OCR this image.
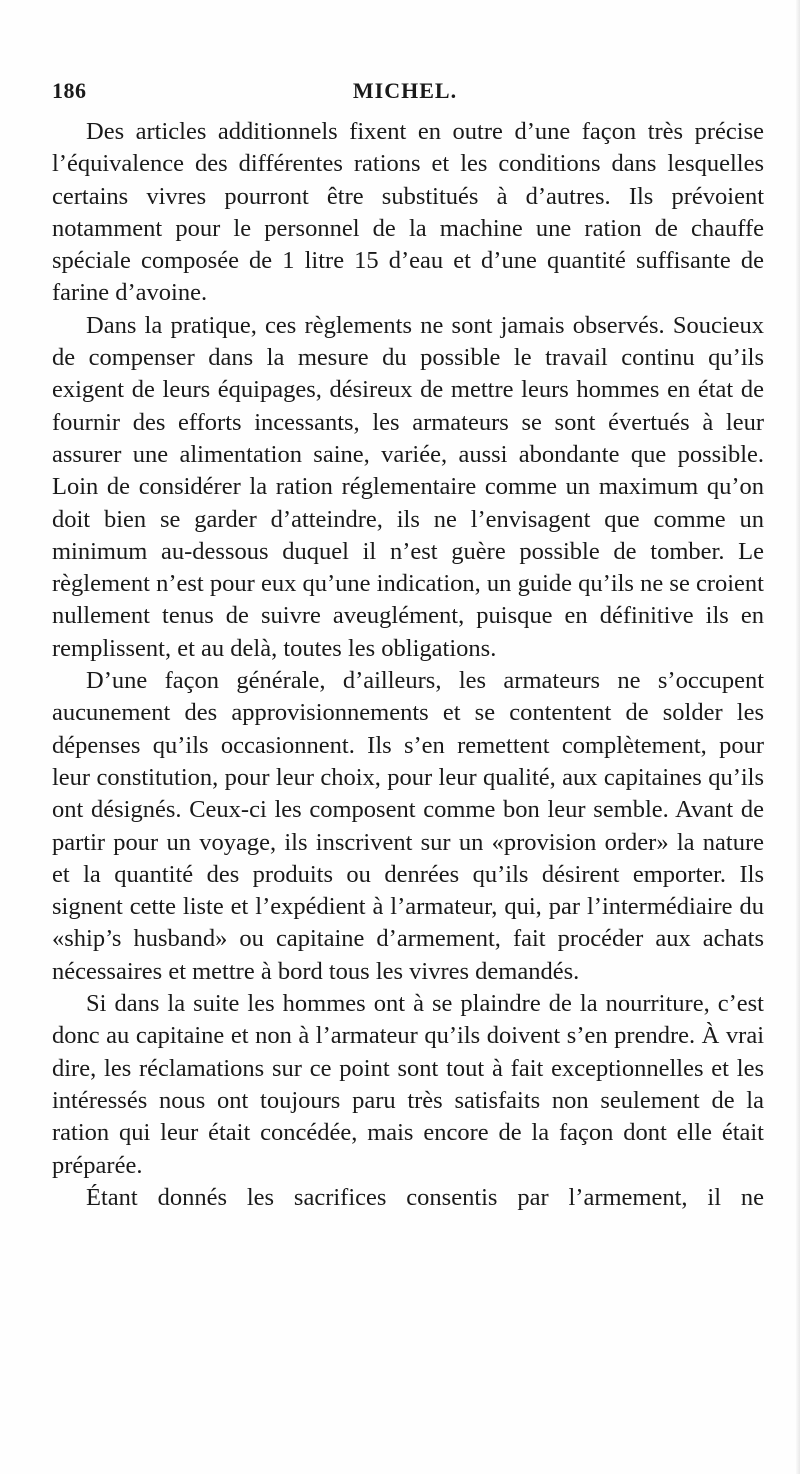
186	MICHEL.

Des articles additionnels fixent en outre d’une façon très précise l’équivalence des différentes rations et les conditions dans lesquelles certains vivres pourront être substitués à d’autres. Ils prévoient notamment pour le personnel de la machine une ration de chauffe spéciale composée de 1 litre 15 d’eau et d’une quantité suffisante de farine d’avoine.

Dans la pratique, ces règlements ne sont jamais observés. Soucieux de compenser dans la mesure du possible le travail continu qu’ils exigent de leurs équipages, désireux de mettre leurs hommes en état de fournir des efforts incessants, les armateurs se sont évertués à leur assurer une alimentation saine, variée, aussi abondante que possible. Loin de considérer la ration réglementaire comme un maximum qu’on doit bien se garder d’atteindre, ils ne l’envisagent que comme un minimum au-dessous duquel il n’est guère possible de tomber. Le règlement n’est pour eux qu’une indication, un guide qu’ils ne se croient nullement tenus de suivre aveuglément, puisque en définitive ils en remplissent, et au delà, toutes les obligations.

D’une façon générale, d’ailleurs, les armateurs ne s’occupent aucunement des approvisionnements et se contentent de solder les dépenses qu’ils occasionnent. Ils s’en remettent complètement, pour leur constitution, pour leur choix, pour leur qualité, aux capitaines qu’ils ont désignés. Ceux-ci les composent comme bon leur semble. Avant de partir pour un voyage, ils inscrivent sur un «provision order» la nature et la quantité des produits ou denrées qu’ils désirent emporter. Ils signent cette liste et l’expédient à l’armateur, qui, par l’intermédiaire du «ship’s husband» ou capitaine d’armement, fait procéder aux achats nécessaires et mettre à bord tous les vivres demandés.

Si dans la suite les hommes ont à se plaindre de la nourriture, c’est donc au capitaine et non à l’armateur qu’ils doivent s’en prendre. À vrai dire, les réclamations sur ce point sont tout à fait exceptionnelles et les intéressés nous ont toujours paru très satisfaits non seulement de la ration qui leur était concédée, mais encore de la façon dont elle était préparée.

Étant donnés les sacrifices consentis par l’armement, il ne
